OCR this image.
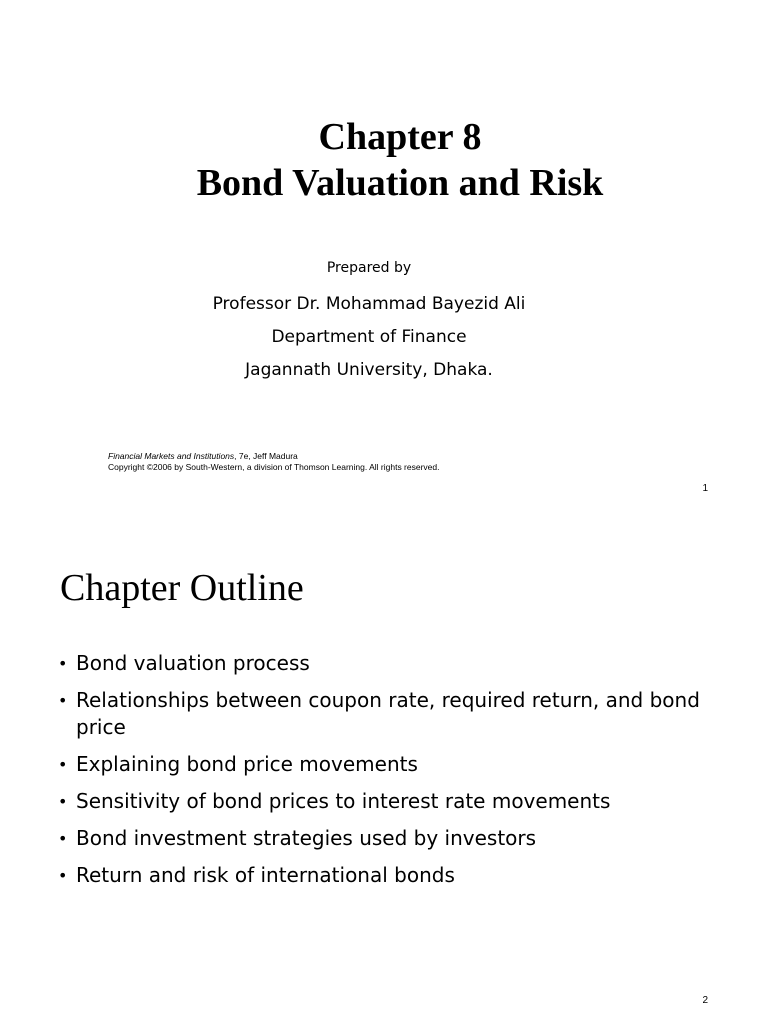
Chapter 8
Bond Valuation and Risk
Prepared by
Professor Dr. Mohammad Bayezid Ali
Department of Finance
Jagannath University, Dhaka.
Financial Markets and Institutions, 7e, Jeff Madura
Copyright ©2006 by South-Western, a division of Thomson Learning. All rights reserved.
1
Chapter Outline
• Bond valuation process
• Relationships between coupon rate, required return, and bond price
• Explaining bond price movements
• Sensitivity of bond prices to interest rate movements
• Bond investment strategies used by investors
• Return and risk of international bonds
2
